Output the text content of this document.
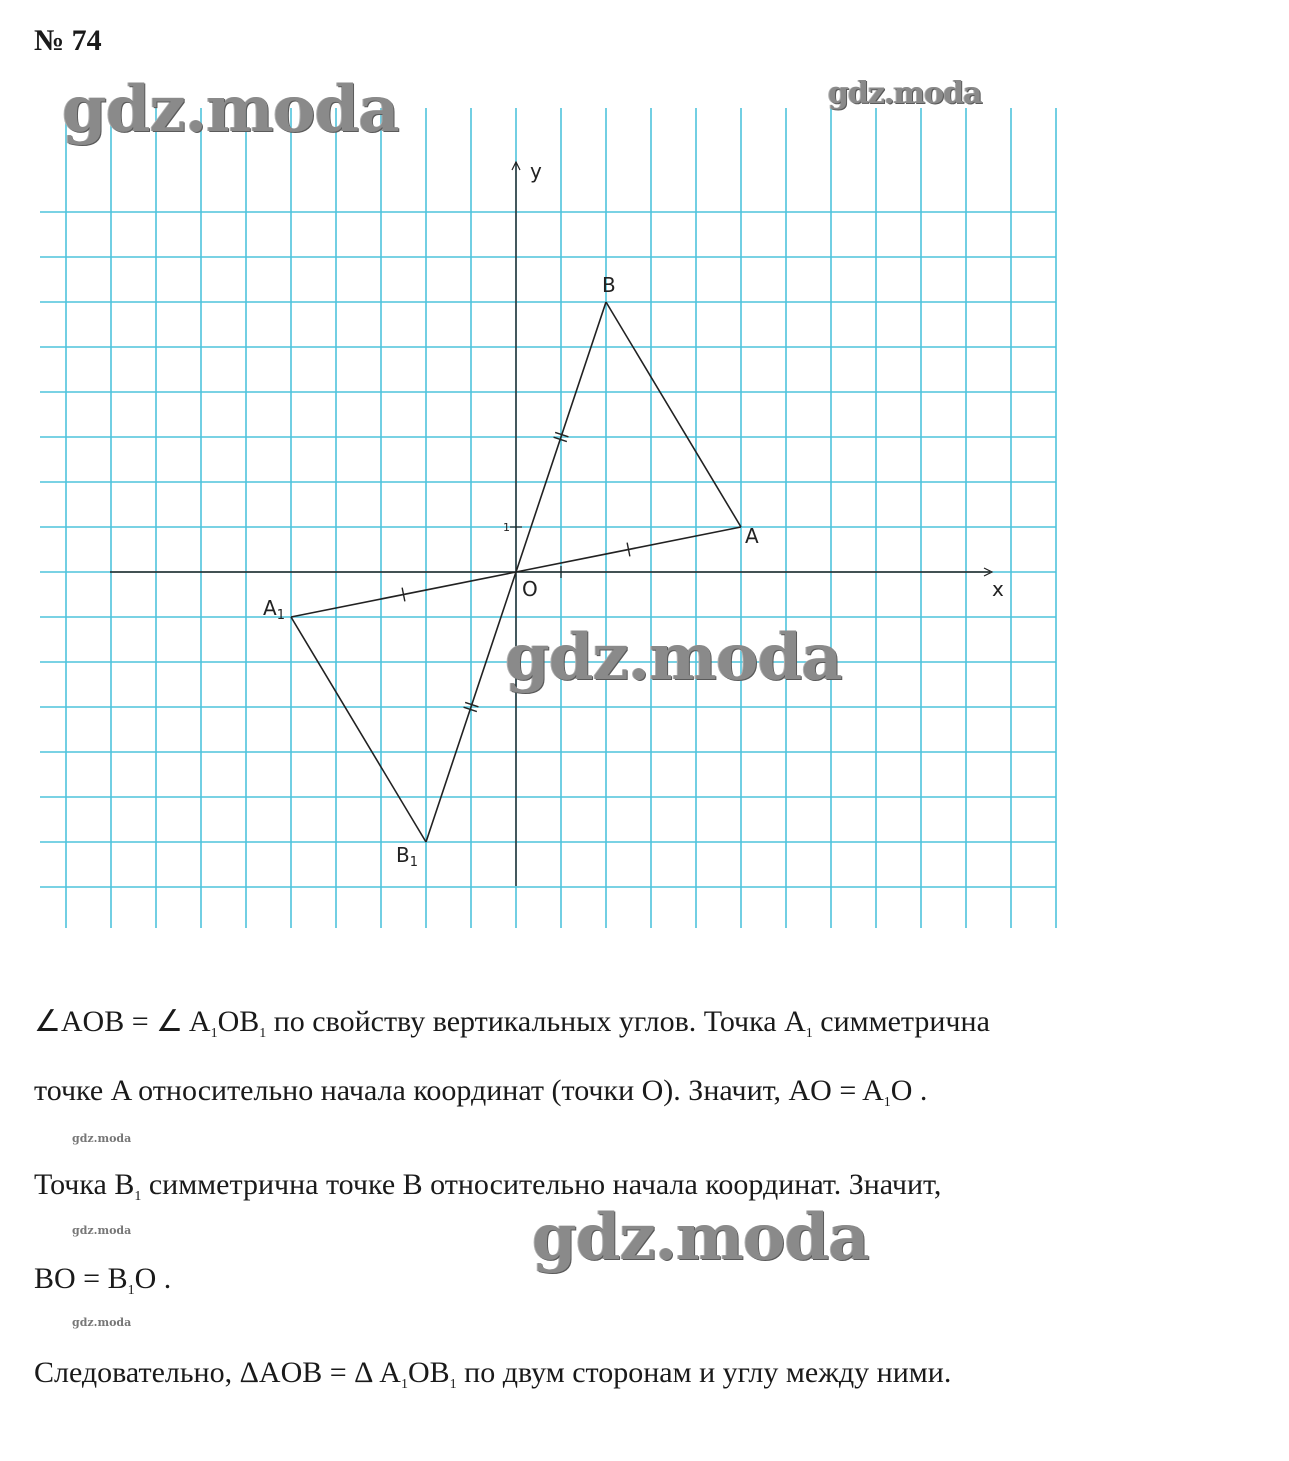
№ 74
A
B
$A_1$
$B_1$
O	x
y
1
gdz.moda	gdz.moda
gdz.moda
∠AOB = ∠ $A_1OB_1$ по свойству вертикальных углов. Точка $A_1$ симметрична
точке A относительно начала координат (точки O). Значит, AO = $A_1O$ .
gdz.moda
Точка $B_1$ симметрична точке B относительно начала координат. Значит,
gdz.moda	gdz.moda
BO = $B_1O$ .
gdz.moda
Следовательно, ΔAOB = Δ $A_1OB_1$ по двум сторонам и углу между ними.
